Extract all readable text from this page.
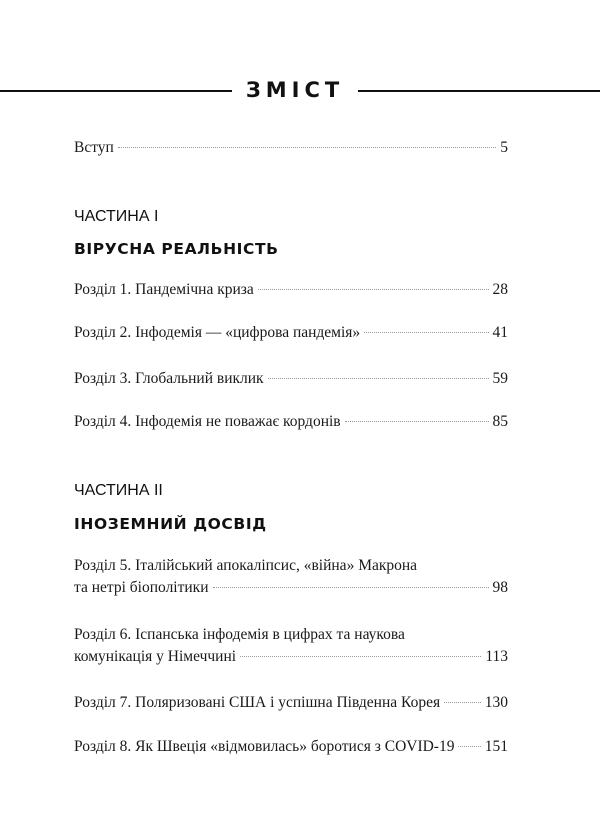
ЗМІСТ
Вступ	5
ЧАСТИНА I
ВІРУСНА РЕАЛЬНІСТЬ
Розділ 1. Пандемічна криза	28
Розділ 2. Інфодемія — «цифрова пандемія»	41
Розділ 3. Глобальний виклик	59
Розділ 4. Інфодемія не поважає кордонів	85
ЧАСТИНА II
ІНОЗЕМНИЙ ДОСВІД
Розділ 5. Італійський апокаліпсис, «війна» Макрона
та нетрі біополітики	98
Розділ 6. Іспанська інфодемія в цифрах та наукова
комунікація у Німеччині	113
Розділ 7. Поляризовані США і успішна Південна Корея	130
Розділ 8. Як Швеція «відмовилась» боротися з COVID-19 151
